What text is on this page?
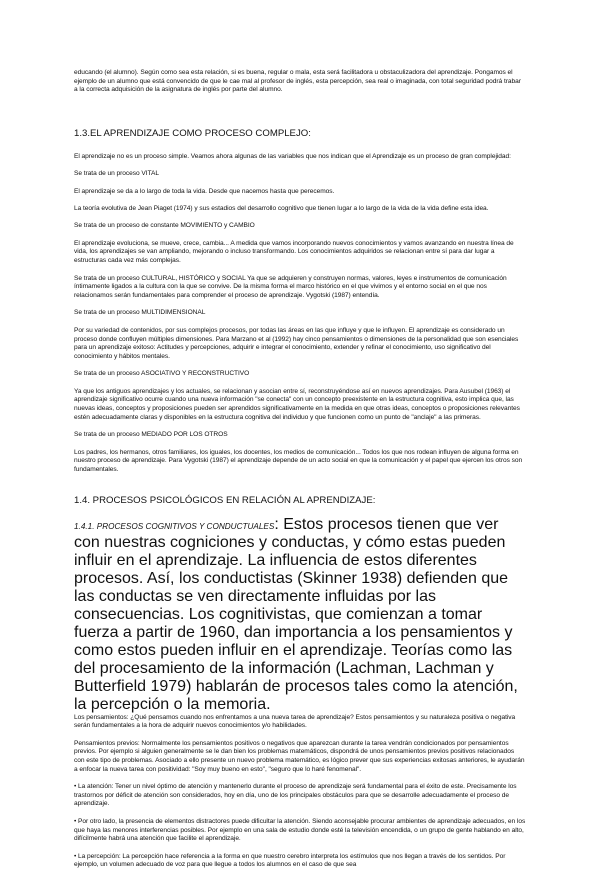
educando (el alumno). Según como sea esta relación, si es buena, regular o mala, esta será facilitadora u obstaculizadora del aprendizaje. Pongamos el ejemplo de un alumno que está convencido de que le cae mal al profesor de inglés, esta percepción, sea real o imaginada, con total seguridad podrá trabar a la correcta adquisición de la asignatura de inglés por parte del alumno.

1.3.EL APRENDIZAJE COMO PROCESO COMPLEJO:

El aprendizaje no es un proceso simple. Veamos ahora algunas de las variables que nos indican que el Aprendizaje es un proceso de gran complejidad:

Se trata de un proceso VITAL

El aprendizaje se da a lo largo de toda la vida. Desde que nacemos hasta que perecemos.

La teoría evolutiva de Jean Piaget (1974) y sus estadios del desarrollo cognitivo que tienen lugar a lo largo de la vida de la vida define esta idea.

Se trata de un proceso de constante MOVIMIENTO y CAMBIO

El aprendizaje evoluciona, se mueve, crece, cambia... A medida que vamos incorporando nuevos conocimientos y vamos avanzando en nuestra línea de vida, los aprendizajes se van ampliando, mejorando o incluso transformando. Los conocimientos adquiridos se relacionan entre sí para dar lugar a estructuras cada vez más complejas.

Se trata de un proceso CULTURAL, HISTÓRICO y SOCIAL Ya que se adquieren y construyen normas, valores, leyes e instrumentos de comunicación íntimamente ligados a la cultura con la que se convive. De la misma forma el marco histórico en el que vivimos y el entorno social en el que nos relacionamos serán fundamentales para comprender el proceso de aprendizaje. Vygotski (1987) entendía.

Se trata de un proceso MULTIDIMENSIONAL

Por su variedad de contenidos, por sus complejos procesos, por todas las áreas en las que influye y que le influyen. El aprendizaje es considerado un proceso donde confluyen múltiples dimensiones. Para Marzano et al (1992) hay cinco pensamientos o dimensiones de la personalidad que son esenciales para un aprendizaje exitoso: Actitudes y percepciones, adquirir e integrar el conocimiento, extender y refinar el conocimiento, uso significativo del conocimiento y hábitos mentales.

Se trata de un proceso ASOCIATIVO Y RECONSTRUCTIVO

Ya que los antiguos aprendizajes y los actuales, se relacionan y asocian entre sí, reconstruyéndose así en nuevos aprendizajes. Para Ausubel (1963) el aprendizaje significativo ocurre cuando una nueva información "se conecta" con un concepto preexistente en la estructura cognitiva, esto implica que, las nuevas ideas, conceptos y proposiciones pueden ser aprendidos significativamente en la medida en que otras ideas, conceptos o proposiciones relevantes estén adecuadamente claras y disponibles en la estructura cognitiva del individuo y que funcionen como un punto de "anclaje" a las primeras.

Se trata de un proceso MEDIADO POR LOS OTROS

Los padres, los hermanos, otros familiares, los iguales, los docentes, los medios de comunicación... Todos los que nos rodean influyen de alguna forma en nuestro proceso de aprendizaje. Para Vygotski (1987) el aprendizaje depende de un acto social en que la comunicación y el papel que ejercen los otros son fundamentales.

1.4. PROCESOS PSICOLÓGICOS EN RELACIÓN AL APRENDIZAJE:

1.4.1. PROCESOS COGNITIVOS Y CONDUCTUALES: Estos procesos tienen que ver con nuestras cogniciones y conductas, y cómo estas pueden influir en el aprendizaje. La influencia de estos diferentes procesos. Así, los conductistas (Skinner 1938) defienden que las conductas se ven directamente influidas por las consecuencias. Los cognitivistas, que comienzan a tomar fuerza a partir de 1960, dan importancia a los pensamientos y como estos pueden influir en el aprendizaje. Teorías como las del procesamiento de la información (Lachman, Lachman y Butterfield 1979) hablarán de procesos tales como la atención, la percepción o la memoria.

Los pensamientos: ¿Qué pensamos cuando nos enfrentamos a una nueva tarea de aprendizaje? Estos pensamientos y su naturaleza positiva o negativa serán fundamentales a la hora de adquirir nuevos conocimientos y/o habilidades.

Pensamientos previos: Normalmente los pensamientos positivos o negativos que aparezcan durante la tarea vendrán condicionados por pensamientos previos. Por ejemplo si alguien generalmente se le dan bien los problemas matemáticos, dispondrá de unos pensamientos previos positivos relacionados con este tipo de problemas. Asociado a ello presente un nuevo problema matemático, es lógico prever que sus experiencias exitosas anteriores, le ayudarán a enfocar la nueva tarea con positividad: "Soy muy bueno en esto", "seguro que lo haré fenomenal".

• La atención: Tener un nivel óptimo de atención y mantenerlo durante el proceso de aprendizaje será fundamental para el éxito de este. Precisamente los trastornos por déficit de atención son considerados, hoy en día, uno de los principales obstáculos para que se desarrolle adecuadamente el proceso de aprendizaje.

• Por otro lado, la presencia de elementos distractores puede dificultar la atención. Siendo aconsejable procurar ambientes de aprendizaje adecuados, en los que haya las menores interferencias posibles. Por ejemplo en una sala de estudio donde esté la televisión encendida, o un grupo de gente hablando en alto, difícilmente habrá una atención que facilite el aprendizaje.

• La percepción: La percepción hace referencia a la forma en que nuestro cerebro interpreta los estímulos que nos llegan a través de los sentidos. Por ejemplo, un volumen adecuado de voz para que llegue a todos los alumnos en el caso de que sea
